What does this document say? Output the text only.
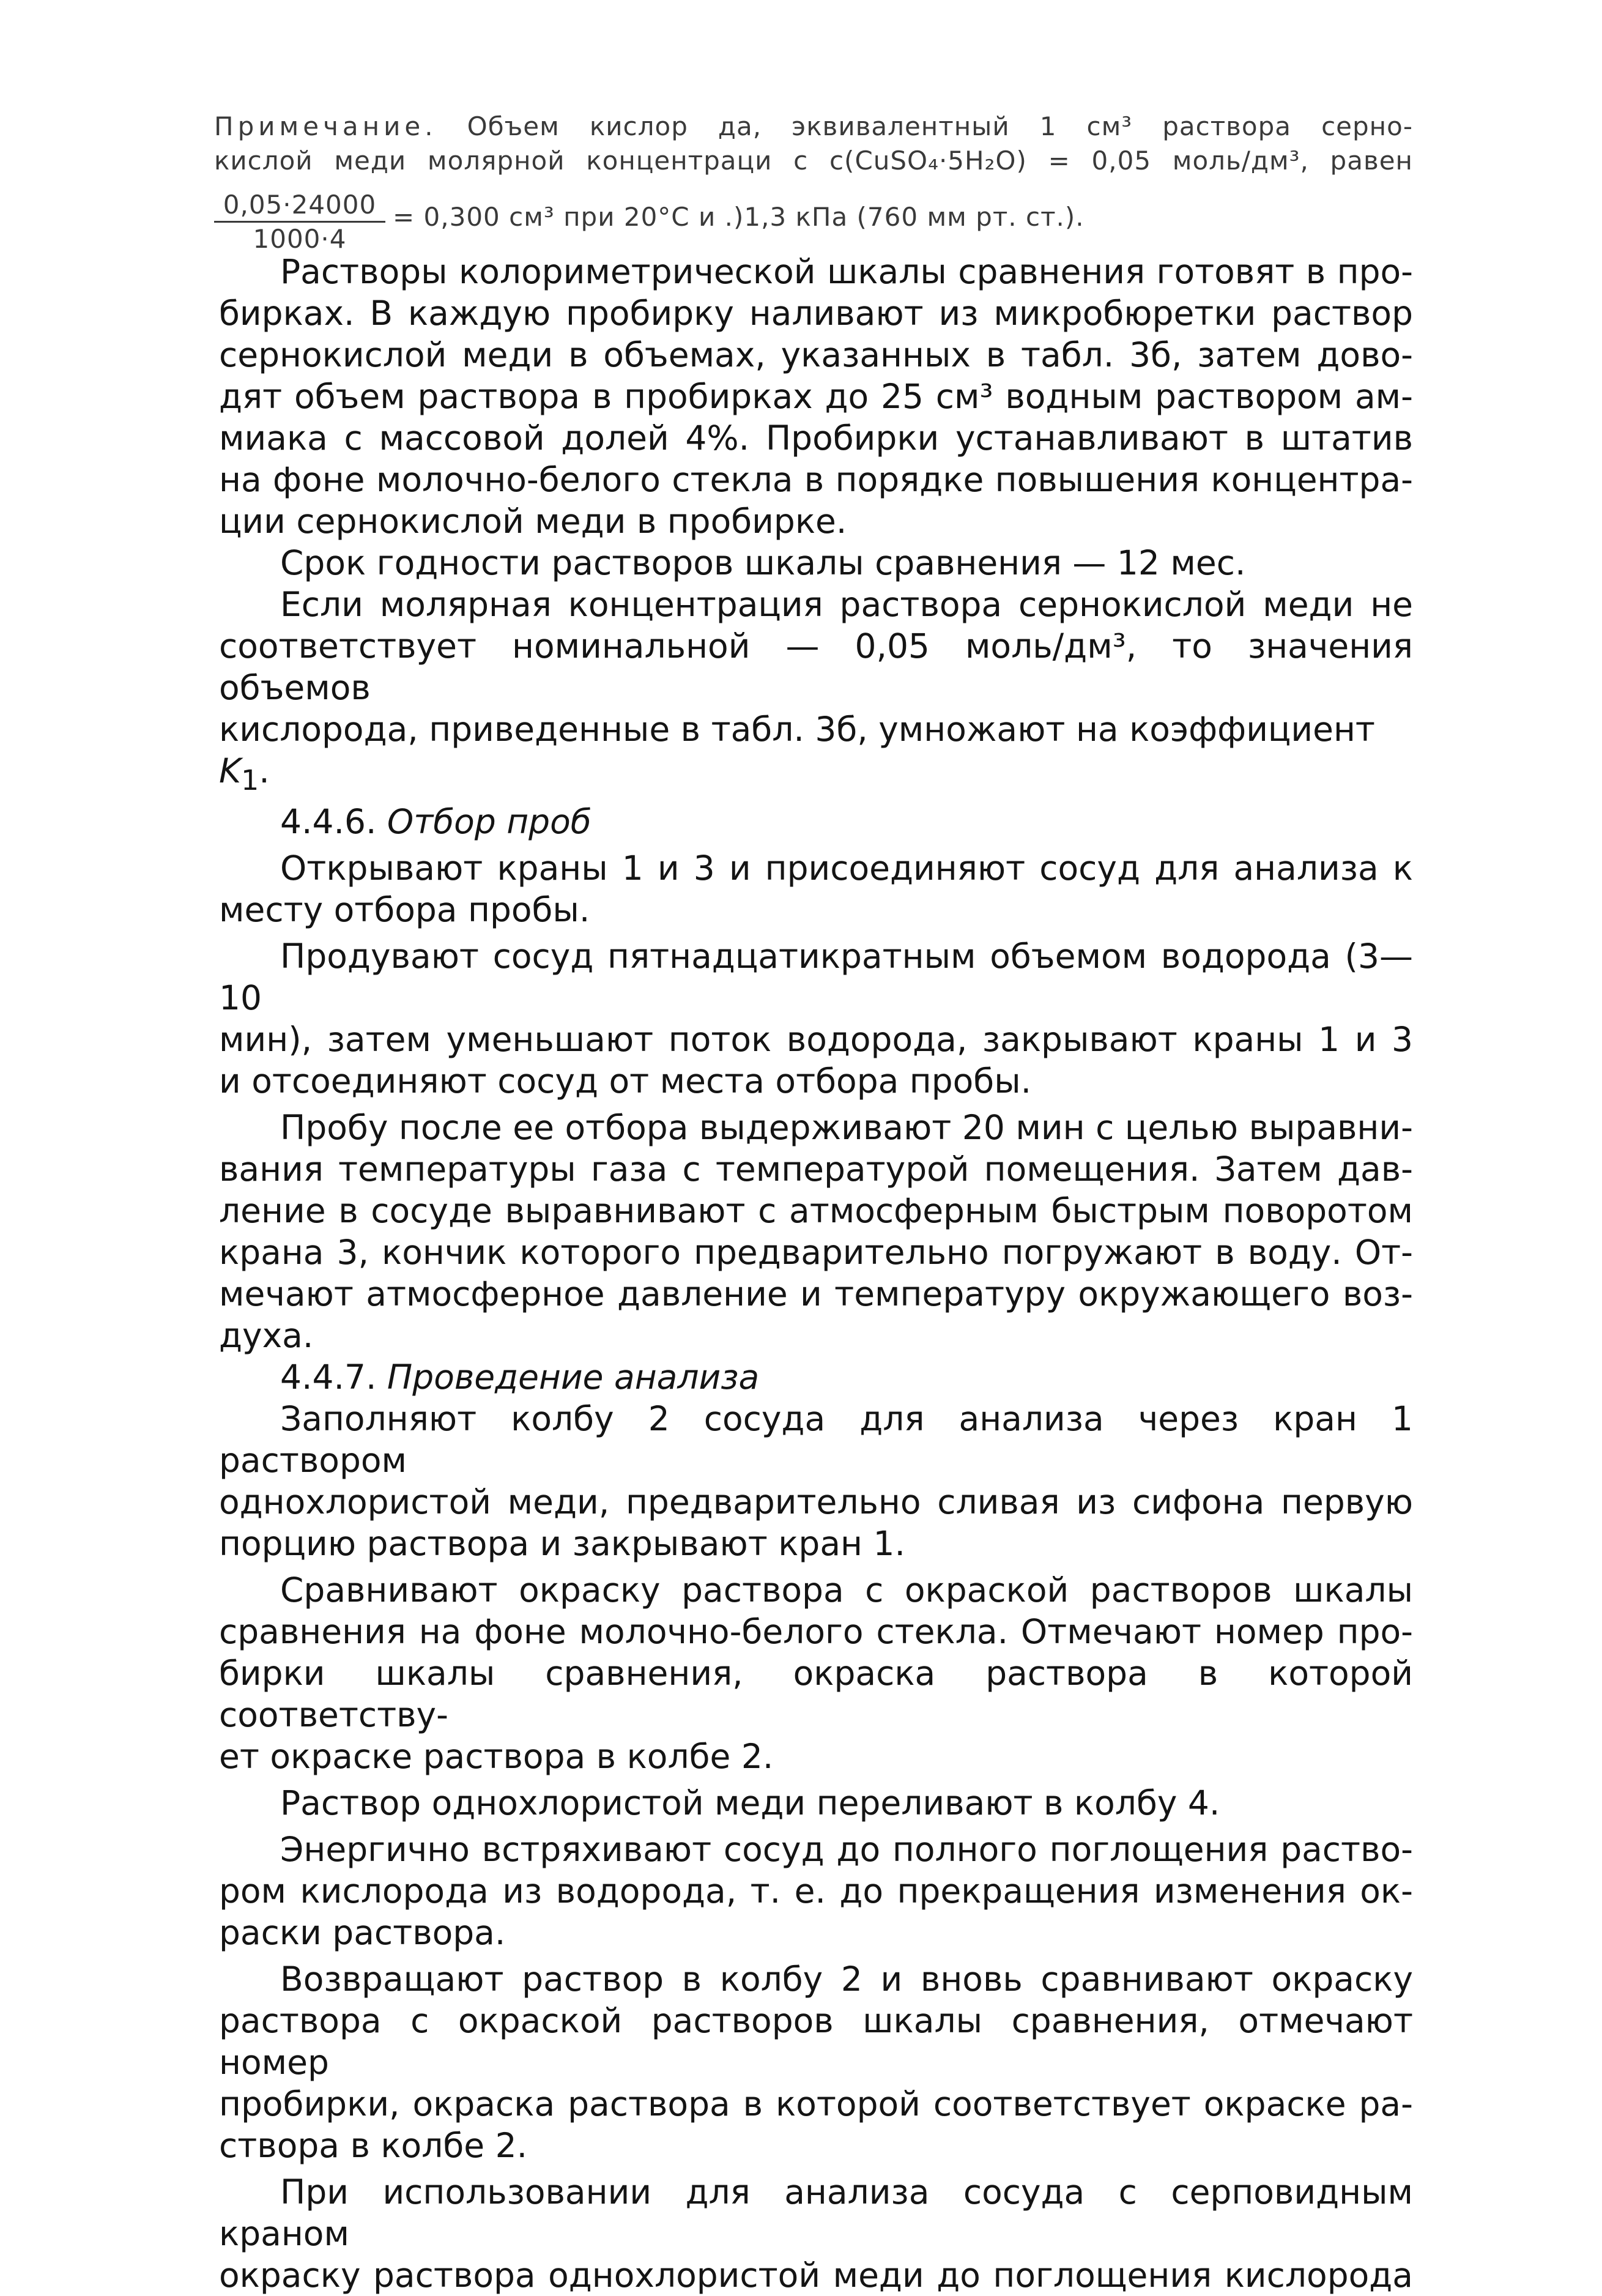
Примечание. Объем кислор да, эквивалентный 1 см³ раствора серно-
кислой меди молярной концентраци с c(CuSO₄·5H₂O) = 0,05 моль/дм³, равен
$\frac{0,05\cdot 24000}{1000\cdot 4} = 0,300$ см³ при 20°C и .)1,3 кПа (760 мм рт. ст.).

Растворы колориметрической шкалы сравнения готовят в про-

бирках. В каждую пробирку наливают из микробюретки раствор

сернокислой меди в объемах, указанных в табл. 3б, затем дово-

дят объем раствора в пробирках до 25 см³ водным раствором ам-

миака с массовой долей 4%. Пробирки устанавливают в штатив

на фоне молочно-белого стекла в порядке повышения концентра-

ции сернокислой меди в пробирке.

Срок годности растворов шкалы сравнения — 12 мес.

Если молярная концентрация раствора сернокислой меди не

соответствует номинальной — 0,05 моль/дм³, то значения объемов

кислорода, приведенные в табл. 3б, умножают на коэффициент $K_1$.

4.4.6. Отбор проб

Открывают краны 1 и 3 и присоединяют сосуд для анализа к

месту отбора пробы.

Продувают сосуд пятнадцатикратным объемом водорода (3—10

мин), затем уменьшают поток водорода, закрывают краны 1 и 3

и отсоединяют сосуд от места отбора пробы.

Пробу после ее отбора выдерживают 20 мин с целью выравни-

вания температуры газа с температурой помещения. Затем дав-

ление в сосуде выравнивают с атмосферным быстрым поворотом

крана 3, кончик которого предварительно погружают в воду. От-

мечают атмосферное давление и температуру окружающего воз-

духа.

4.4.7. Проведение анализа

Заполняют колбу 2 сосуда для анализа через кран 1 раствором

однохлористой меди, предварительно сливая из сифона первую

порцию раствора и закрывают кран 1.

Сравнивают окраску раствора с окраской растворов шкалы

сравнения на фоне молочно-белого стекла. Отмечают номер про-

бирки шкалы сравнения, окраска раствора в которой соответству-

ет окраске раствора в колбе 2.

Раствор однохлористой меди переливают в колбу 4.

Энергично встряхивают сосуд до полного поглощения раство-

ром кислорода из водорода, т. е. до прекращения изменения ок-

раски раствора.

Возвращают раствор в колбу 2 и вновь сравнивают окраску

раствора с окраской растворов шкалы сравнения, отмечают номер

пробирки, окраска раствора в которой соответствует окраске ра-

створа в колбе 2.

При использовании для анализа сосуда с серповидным краном

окраску раствора однохлористой меди до поглощения кислорода
